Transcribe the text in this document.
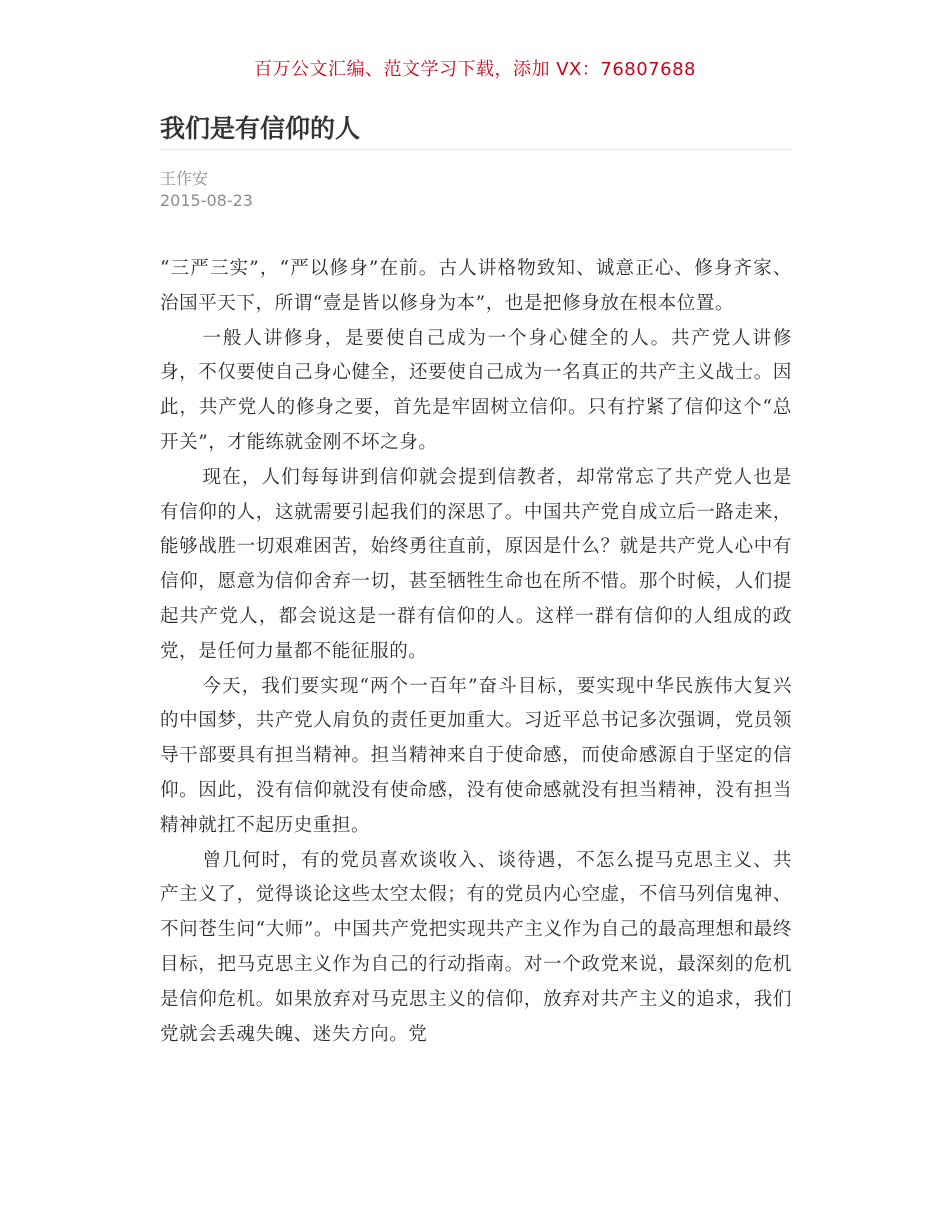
百万公文汇编、范文学习下载，添加 VX：76807688
我们是有信仰的人
王作安
2015-08-23

“三严三实”，“严以修身”在前。古人讲格物致知、诚意正心、修身齐家、治国平天下，所谓“壹是皆以修身为本”，也是把修身放在根本位置。

一般人讲修身，是要使自己成为一个身心健全的人。共产党人讲修身，不仅要使自己身心健全，还要使自己成为一名真正的共产主义战士。因此，共产党人的修身之要，首先是牢固树立信仰。只有拧紧了信仰这个“总开关”，才能练就金刚不坏之身。

现在，人们每每讲到信仰就会提到信教者，却常常忘了共产党人也是有信仰的人，这就需要引起我们的深思了。中国共产党自成立后一路走来，能够战胜一切艰难困苦，始终勇往直前，原因是什么？就是共产党人心中有信仰，愿意为信仰舍弃一切，甚至牺牲生命也在所不惜。那个时候，人们提起共产党人，都会说这是一群有信仰的人。这样一群有信仰的人组成的政党，是任何力量都不能征服的。

今天，我们要实现“两个一百年”奋斗目标，要实现中华民族伟大复兴的中国梦，共产党人肩负的责任更加重大。习近平总书记多次强调，党员领导干部要具有担当精神。担当精神来自于使命感，而使命感源自于坚定的信仰。因此，没有信仰就没有使命感，没有使命感就没有担当精神，没有担当精神就扛不起历史重担。

曾几何时，有的党员喜欢谈收入、谈待遇，不怎么提马克思主义、共产主义了，觉得谈论这些太空太假；有的党员内心空虚，不信马列信鬼神、不问苍生问“大师”。中国共产党把实现共产主义作为自己的最高理想和最终目标，把马克思主义作为自己的行动指南。对一个政党来说，最深刻的危机是信仰危机。如果放弃对马克思主义的信仰，放弃对共产主义的追求，我们党就会丢魂失魄、迷失方向。党
